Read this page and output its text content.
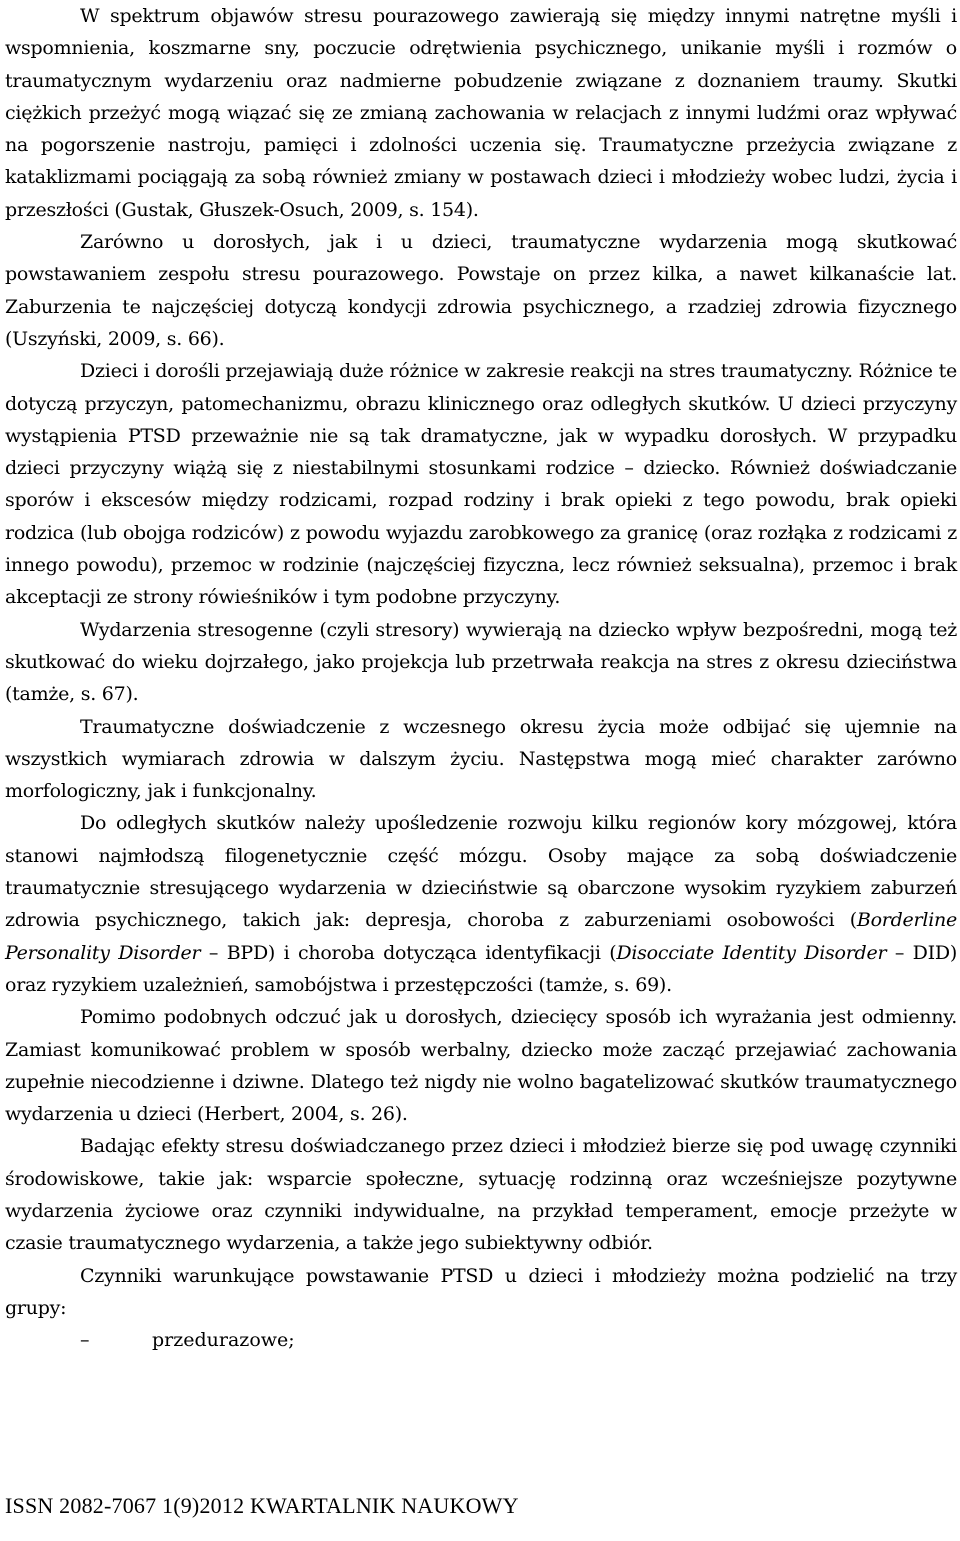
W spektrum objawów stresu pourazowego zawierają się między innymi natrętne myśli i wspomnienia, koszmarne sny, poczucie odrętwienia psychicznego, unikanie myśli i rozmów o traumatycznym wydarzeniu oraz nadmierne pobudzenie związane z doznaniem traumy. Skutki ciężkich przeżyć mogą wiązać się ze zmianą zachowania w relacjach z innymi ludźmi oraz wpływać na pogorszenie nastroju, pamięci i zdolności uczenia się. Traumatyczne przeżycia związane z kataklizmami pociągają za sobą również zmiany w postawach dzieci i młodzieży wobec ludzi, życia i przeszłości (Gustak, Głuszek-Osuch, 2009, s. 154).

Zarówno u dorosłych, jak i u dzieci, traumatyczne wydarzenia mogą skutkować powstawaniem zespołu stresu pourazowego. Powstaje on przez kilka, a nawet kilkanaście lat. Zaburzenia te najczęściej dotyczą kondycji zdrowia psychicznego, a rzadziej zdrowia fizycznego (Uszyński, 2009, s. 66).

Dzieci i dorośli przejawiają duże różnice w zakresie reakcji na stres traumatyczny. Różnice te dotyczą przyczyn, patomechanizmu, obrazu klinicznego oraz odległych skutków. U dzieci przyczyny wystąpienia PTSD przeważnie nie są tak dramatyczne, jak w wypadku dorosłych. W przypadku dzieci przyczyny wiążą się z niestabilnymi stosunkami rodzice – dziecko. Również doświadczanie sporów i ekscesów między rodzicami, rozpad rodziny i brak opieki z tego powodu, brak opieki rodzica (lub obojga rodziców) z powodu wyjazdu zarobkowego za granicę (oraz rozłąka z rodzicami z innego powodu), przemoc w rodzinie (najczęściej fizyczna, lecz również seksualna), przemoc i brak akceptacji ze strony rówieśników i tym podobne przyczyny.

Wydarzenia stresogenne (czyli stresory) wywierają na dziecko wpływ bezpośredni, mogą też skutkować do wieku dojrzałego, jako projekcja lub przetrwała reakcja na stres z okresu dzieciństwa (tamże, s. 67).

Traumatyczne doświadczenie z wczesnego okresu życia może odbijać się ujemnie na wszystkich wymiarach zdrowia w dalszym życiu. Następstwa mogą mieć charakter zarówno morfologiczny, jak i funkcjonalny.

Do odległych skutków należy upośledzenie rozwoju kilku regionów kory mózgowej, która stanowi najmłodszą filogenetycznie część mózgu. Osoby mające za sobą doświadczenie traumatycznie stresującego wydarzenia w dzieciństwie są obarczone wysokim ryzykiem zaburzeń zdrowia psychicznego, takich jak: depresja, choroba z zaburzeniami osobowości (Borderline Personality Disorder – BPD) i choroba dotycząca identyfikacji (Disocciate Identity Disorder – DID) oraz ryzykiem uzależnień, samobójstwa i przestępczości (tamże, s. 69).

Pomimo podobnych odczuć jak u dorosłych, dziecięcy sposób ich wyrażania jest odmienny. Zamiast komunikować problem w sposób werbalny, dziecko może zacząć przejawiać zachowania zupełnie niecodzienne i dziwne. Dlatego też nigdy nie wolno bagatelizować skutków traumatycznego wydarzenia u dzieci (Herbert, 2004, s. 26).

Badając efekty stresu doświadczanego przez dzieci i młodzież bierze się pod uwagę czynniki środowiskowe, takie jak: wsparcie społeczne, sytuację rodzinną oraz wcześniejsze pozytywne wydarzenia życiowe oraz czynniki indywidualne, na przykład temperament, emocje przeżyte w czasie traumatycznego wydarzenia, a także jego subiektywny odbiór.

Czynniki warunkujące powstawanie PTSD u dzieci i młodzieży można podzielić na trzy grupy:

–	przedurazowe;
ISSN 2082-7067 1(9)2012 KWARTALNIK NAUKOWY
